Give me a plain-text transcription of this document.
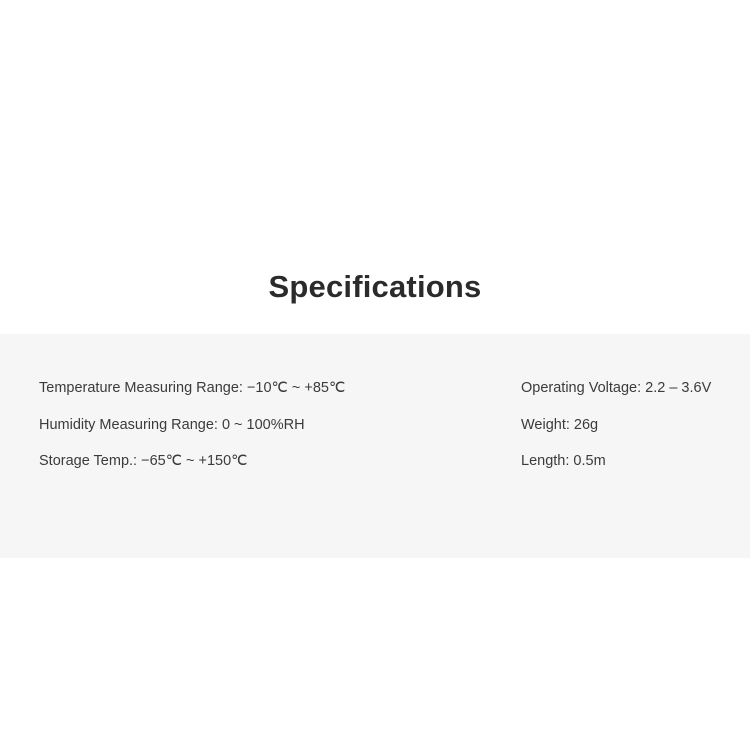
Specifications
Temperature Measuring Range: −10℃ ~ +85℃
Humidity Measuring Range: 0 ~ 100%RH
Storage Temp.: −65℃ ~ +150℃
Operating Voltage: 2.2 – 3.6V
Weight: 26g
Length: 0.5m
